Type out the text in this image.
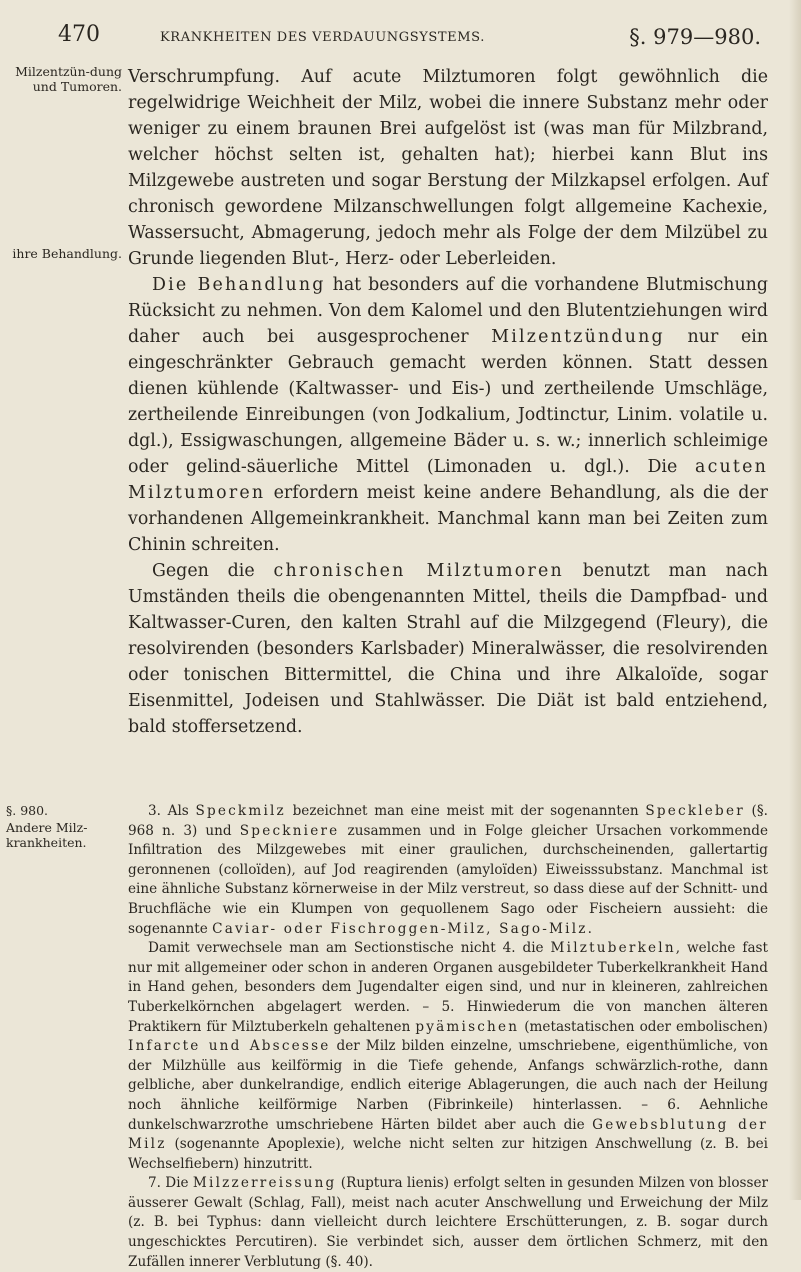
470	KRANKHEITEN DES VERDAUUNGSYSTEMS.	§. 979—980.
Milzentzün-dung und Tumoren.
ihre Behandlung.
§. 980.
Andere Milz-krankheiten.

Verschrumpfung. Auf acute Milztumoren folgt gewöhnlich die regelwidrige Weichheit der Milz, wobei die innere Substanz mehr oder weniger zu einem braunen Brei aufgelöst ist (was man für Milzbrand, welcher höchst selten ist, gehalten hat); hierbei kann Blut ins Milzgewebe austreten und sogar Berstung der Milzkapsel erfolgen. Auf chronisch gewordene Milzanschwellungen folgt allgemeine Kachexie, Wassersucht, Abmagerung, jedoch mehr als Folge der dem Milzübel zu Grunde liegenden Blut-, Herz- oder Leberleiden.

Die Behandlung hat besonders auf die vorhandene Blutmischung Rücksicht zu nehmen. Von dem Kalomel und den Blutentziehungen wird daher auch bei ausgesprochener Milzentzündung nur ein eingeschränkter Gebrauch gemacht werden können. Statt dessen dienen kühlende (Kaltwasser- und Eis-) und zertheilende Umschläge, zertheilende Einreibungen (von Jodkalium, Jodtinctur, Linim. volatile u. dgl.), Essigwaschungen, allgemeine Bäder u. s. w.; innerlich schleimige oder gelind-säuerliche Mittel (Limonaden u. dgl.). Die acuten Milztumoren erfordern meist keine andere Behandlung, als die der vorhandenen Allgemeinkrankheit. Manchmal kann man bei Zeiten zum Chinin schreiten.

Gegen die chronischen Milztumoren benutzt man nach Umständen theils die obengenannten Mittel, theils die Dampfbad- und Kaltwasser-Curen, den kalten Strahl auf die Milzgegend (Fleury), die resolvirenden (besonders Karlsbader) Mineralwässer, die resolvirenden oder tonischen Bittermittel, die China und ihre Alkaloïde, sogar Eisenmittel, Jodeisen und Stahlwässer. Die Diät ist bald entziehend, bald stoffersetzend.

3. Als Speckmilz bezeichnet man eine meist mit der sogenannten Speckleber (§. 968 n. 3) und Speckniere zusammen und in Folge gleicher Ursachen vorkommende Infiltration des Milzgewebes mit einer graulichen, durchscheinenden, gallertartig geronnenen (colloïden), auf Jod reagirenden (amyloïden) Eiweisssubstanz. Manchmal ist eine ähnliche Substanz körnerweise in der Milz verstreut, so dass diese auf der Schnitt- und Bruchfläche wie ein Klumpen von gequollenem Sago oder Fischeiern aussieht: die sogenannte Caviar- oder Fischroggen-Milz, Sago-Milz.

Damit verwechsele man am Sectionstische nicht 4. die Milztuberkeln, welche fast nur mit allgemeiner oder schon in anderen Organen ausgebildeter Tuberkelkrankheit Hand in Hand gehen, besonders dem Jugendalter eigen sind, und nur in kleineren, zahlreichen Tuberkelkörnchen abgelagert werden. – 5. Hinwiederum die von manchen älteren Praktikern für Milztuberkeln gehaltenen pyämischen (metastatischen oder embolischen) Infarcte und Abscesse der Milz bilden einzelne, umschriebene, eigenthümliche, von der Milzhülle aus keilförmig in die Tiefe gehende, Anfangs schwärzlich-rothe, dann gelbliche, aber dunkelrandige, endlich eiterige Ablagerungen, die auch nach der Heilung noch ähnliche keilförmige Narben (Fibrinkeile) hinterlassen. – 6. Aehnliche dunkelschwarzrothe umschriebene Härten bildet aber auch die Gewebsblutung der Milz (sogenannte Apoplexie), welche nicht selten zur hitzigen Anschwellung (z. B. bei Wechselfiebern) hinzutritt.

7. Die Milzzerreissung (Ruptura lienis) erfolgt selten in gesunden Milzen von blosser äusserer Gewalt (Schlag, Fall), meist nach acuter Anschwellung und Erweichung der Milz (z. B. bei Typhus: dann vielleicht durch leichtere Erschütterungen, z. B. sogar durch ungeschicktes Percutiren). Sie verbindet sich, ausser dem örtlichen Schmerz, mit den Zufällen innerer Verblutung (§. 40).
